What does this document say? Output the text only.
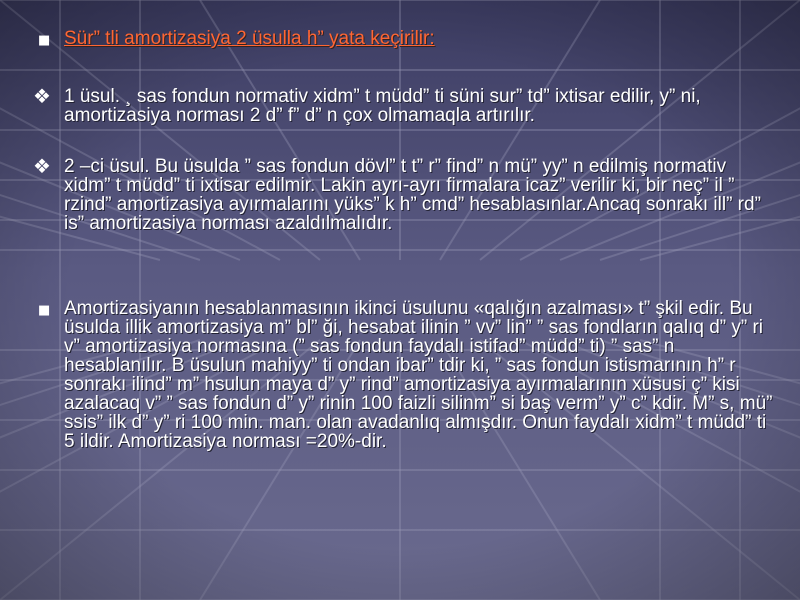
■ Sür” tli amortizasiya 2 üsulla h” yata keçirilir:
❖ 1 üsul. ¸ sas fondun normativ xidm” t müdd” ti süni sur” td” ixtisar edilir, y” ni, amortizasiya norması 2 d” f” d” n çox olmamaqla artırılır.
❖ 2 –ci üsul. Bu üsulda ” sas fondun dövl” t t” r” find” n mü” yy” n edilmiş normativ xidm” t müdd” ti ixtisar edilmir. Lakin ayrı-ayrı firmalara icaz” verilir ki, bir neç” il ” rzind” amortizasiya ayırmalarını yüks” k h” cmd” hesablasınlar.Ancaq sonrakı ill” rd” is” amortizasiya norması azaldılmalıdır.
■ Amortizasiyanın hesablanmasının ikinci üsulunu «qalığın azalması» t” şkil edir. Bu üsulda illik amortizasiya m” bl” ği, hesabat ilinin ” vv” lin” ” sas fondların qalıq d” y” ri v” amortizasiya normasına (” sas fondun faydalı istifad” müdd” ti) ” sas” n hesablanılır. B üsulun mahiyy” ti ondan ibar” tdir ki, ” sas fondun istismarının h” r sonrakı ilind” m” hsulun maya d” y” rind” amortizasiya ayırmalarının xüsusi ç” kisi azalacaq v” ” sas fondun d” y” rinin 100 faizli silinm” si baş verm” y” c” kdir. M” s, mü” ssis” ilk d” y” ri 100 min. man. olan avadanlıq almışdır. Onun faydalı xidm” t müdd” ti 5 ildir. Amortizasiya norması =20%-dir.
